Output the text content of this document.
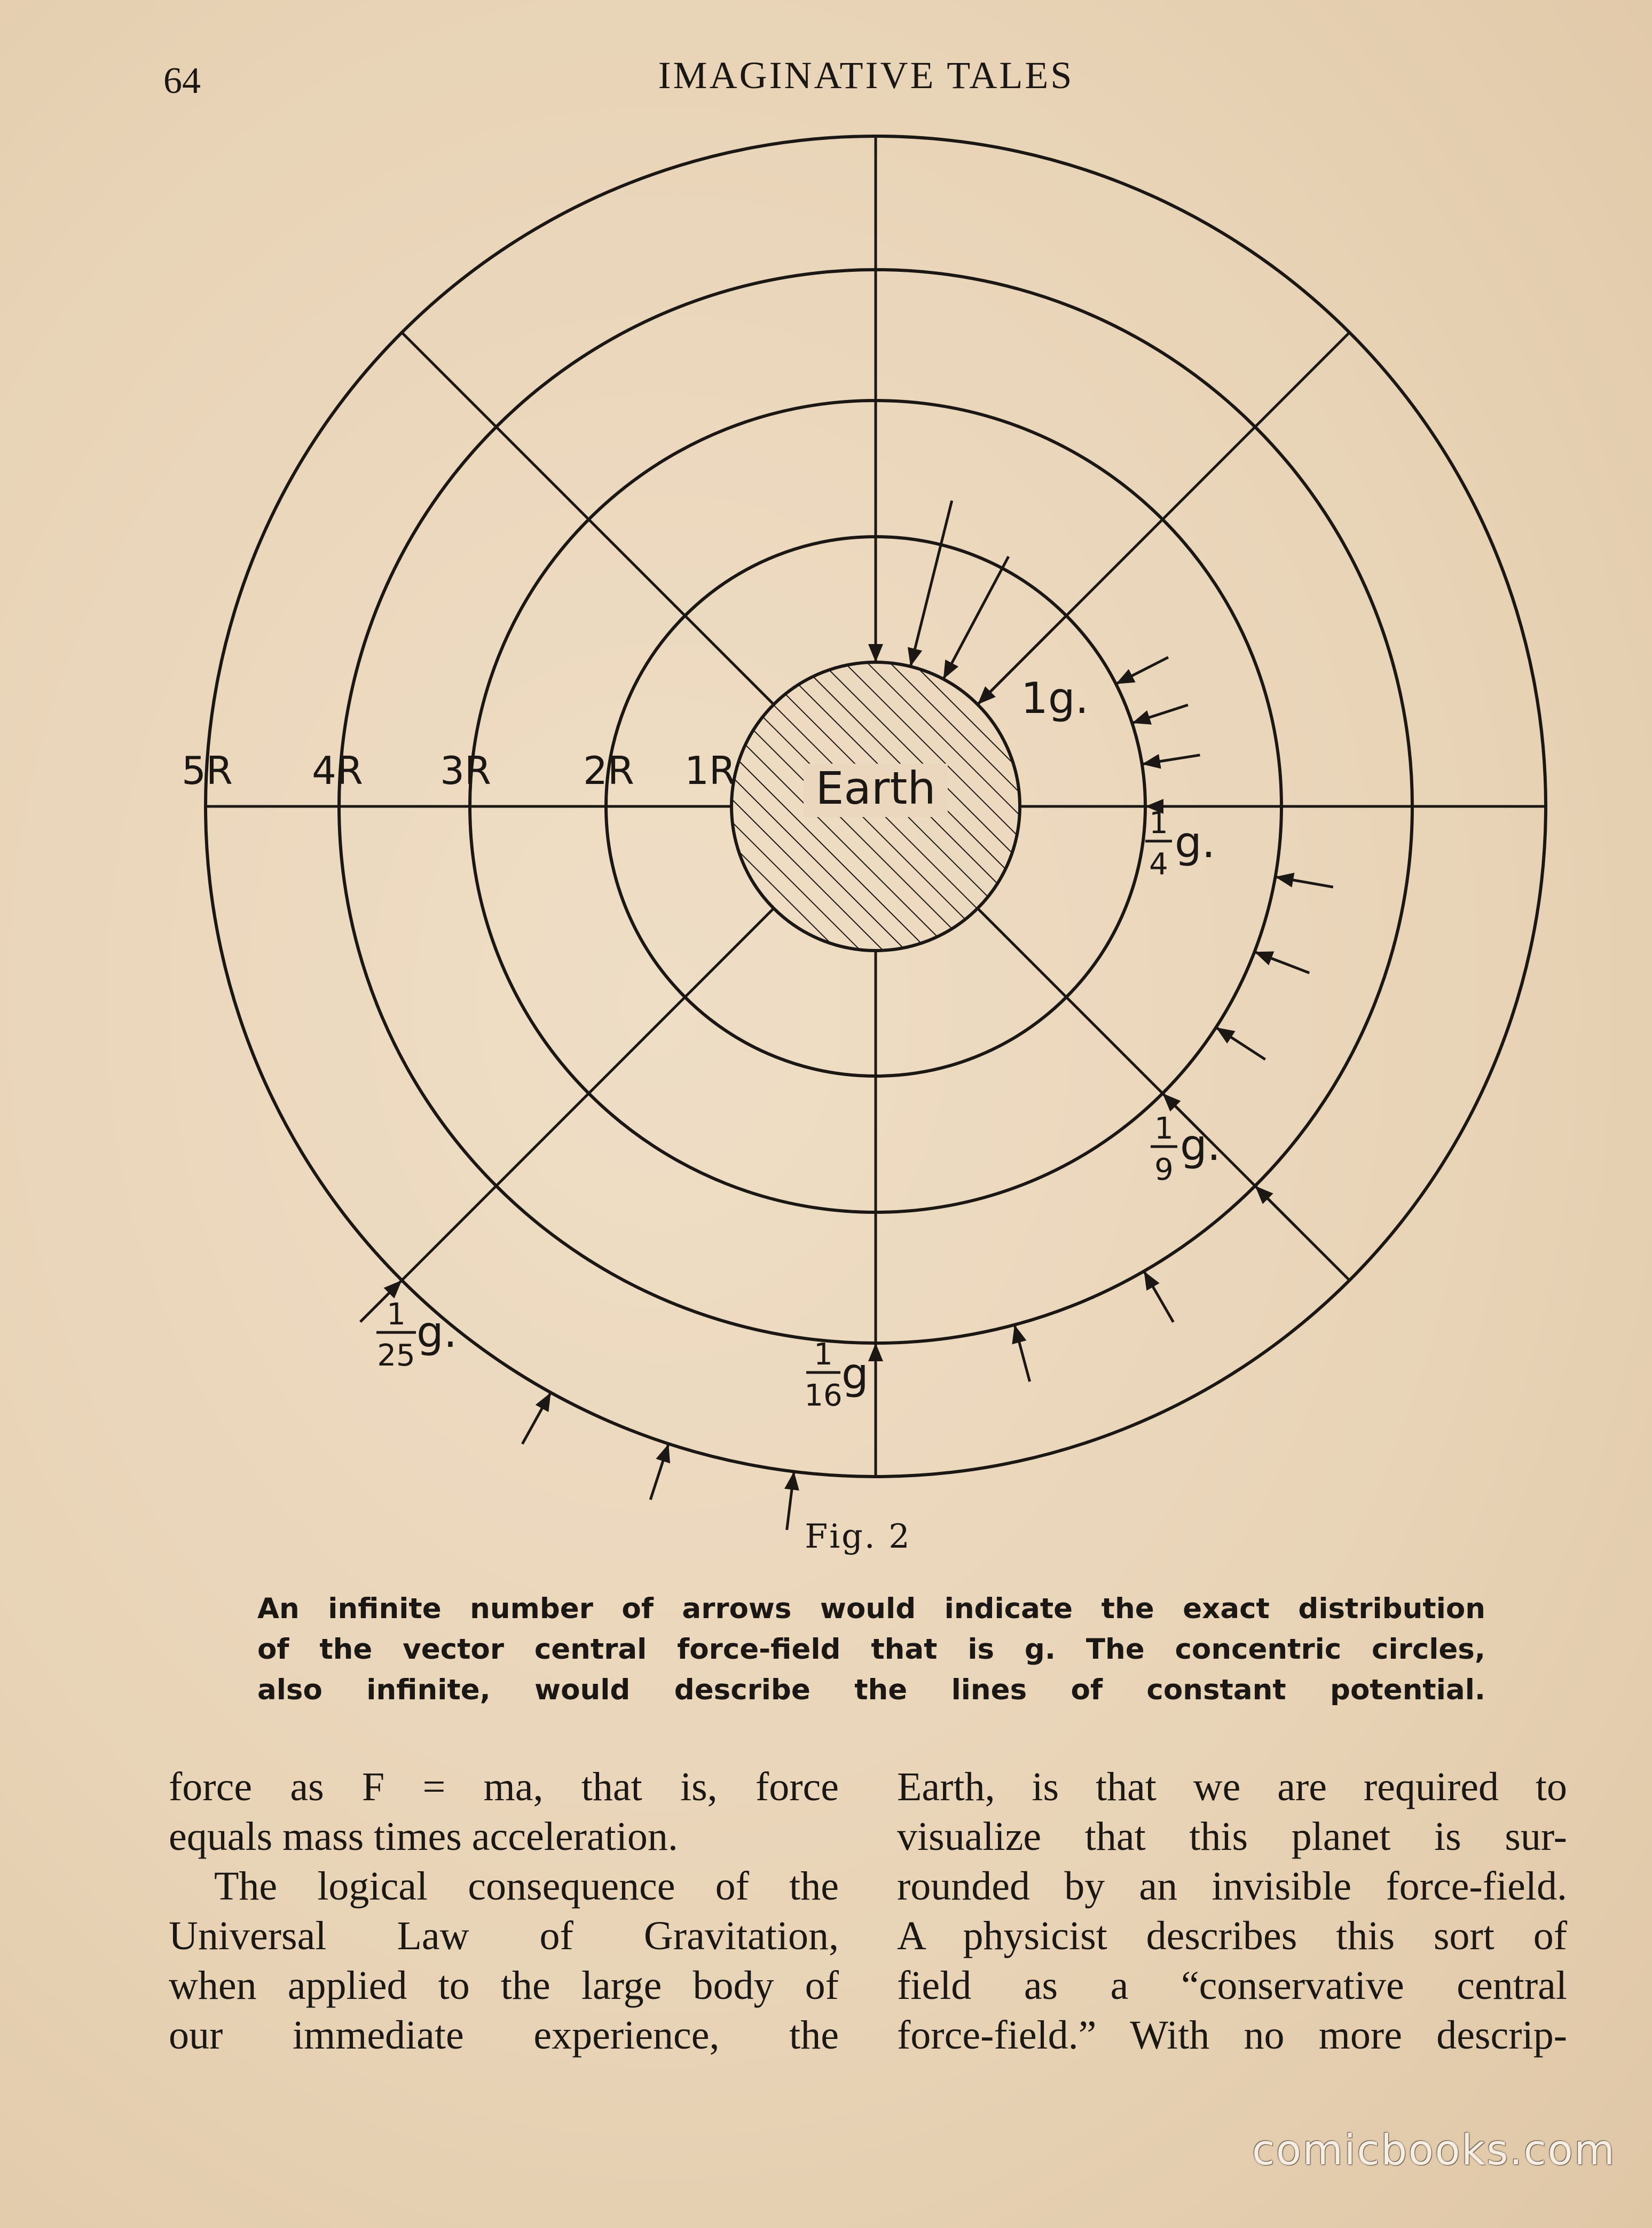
64	IMAGINATIVE TALES
Earth
5R 4R 3R 2R 1R
1g.
1
4 g.
1
9 g.
1
16
g
1
25 g.
Fig. 2
An infinite number of arrows would indicate the exact distribution
of the vector central force-field that is g. The concentric circles,
also infinite, would describe the lines of constant potential.
force as F = ma, that is, force
equals mass times acceleration.
The logical consequence of the
Universal Law of Gravitation,
when applied to the large body of
our immediate experience, the
Earth, is that we are required to
visualize that this planet is sur-
rounded by an invisible force-field.
A physicist describes this sort of
field as a “conservative central
force-field.” With no more descrip-
comicbooks.com
